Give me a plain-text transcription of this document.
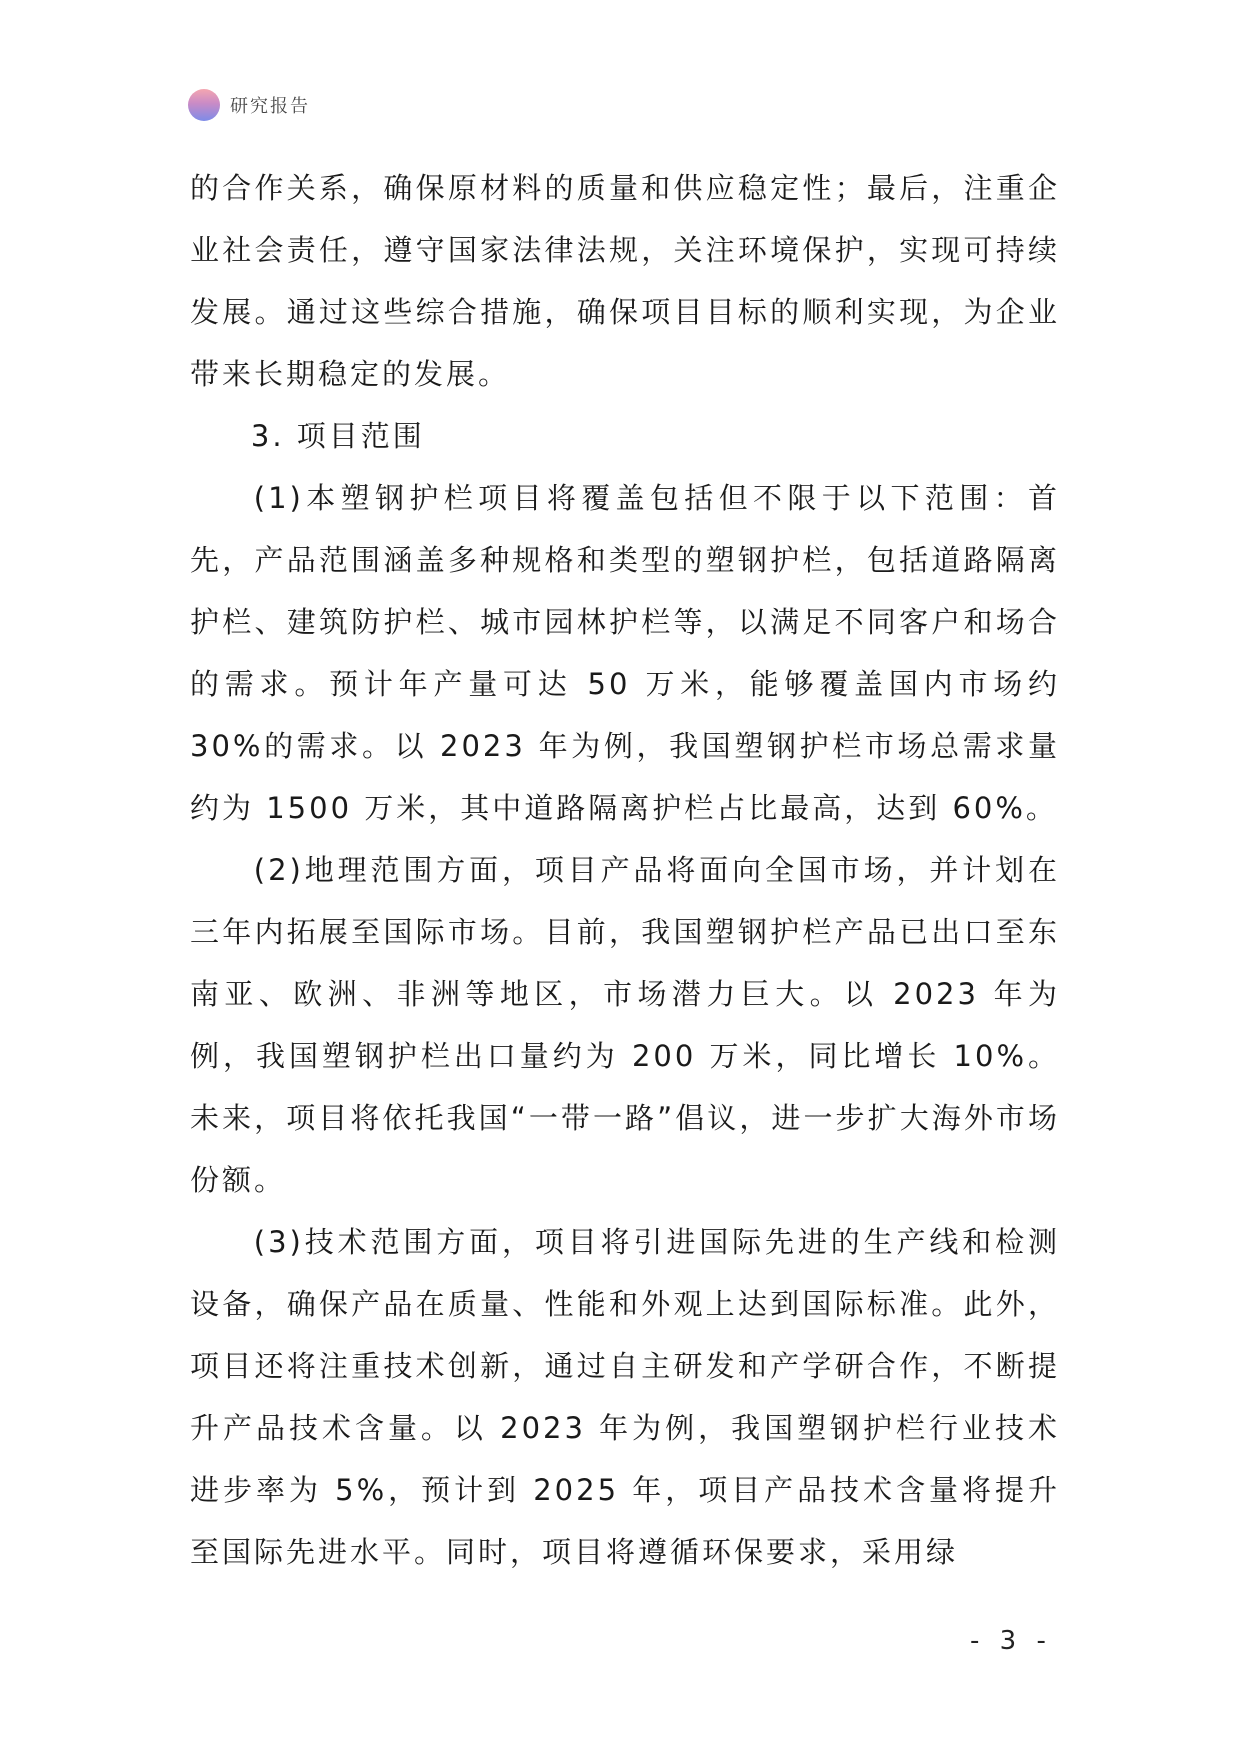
研究报告

的合作关系，确保原材料的质量和供应稳定性；最后，注重企业社会责任，遵守国家法律法规，关注环境保护，实现可持续发展。通过这些综合措施，确保项目目标的顺利实现，为企业带来长期稳定的发展。

3. 项目范围

(1)本塑钢护栏项目将覆盖包括但不限于以下范围：首先，产品范围涵盖多种规格和类型的塑钢护栏，包括道路隔离护栏、建筑防护栏、城市园林护栏等，以满足不同客户和场合的需求。预计年产量可达 50 万米，能够覆盖国内市场约 30%的需求。以 2023 年为例，我国塑钢护栏市场总需求量约为 1500 万米，其中道路隔离护栏占比最高，达到 60%。

(2)地理范围方面，项目产品将面向全国市场，并计划在三年内拓展至国际市场。目前，我国塑钢护栏产品已出口至东南亚、欧洲、非洲等地区，市场潜力巨大。以 2023 年为例，我国塑钢护栏出口量约为 200 万米，同比增长 10%。未来，项目将依托我国“一带一路”倡议，进一步扩大海外市场份额。

(3)技术范围方面，项目将引进国际先进的生产线和检测设备，确保产品在质量、性能和外观上达到国际标准。此外，项目还将注重技术创新，通过自主研发和产学研合作，不断提升产品技术含量。以 2023 年为例，我国塑钢护栏行业技术进步率为 5%，预计到 2025 年，项目产品技术含量将提升至国际先进水平。同时，项目将遵循环保要求，采用绿

- 3 -
